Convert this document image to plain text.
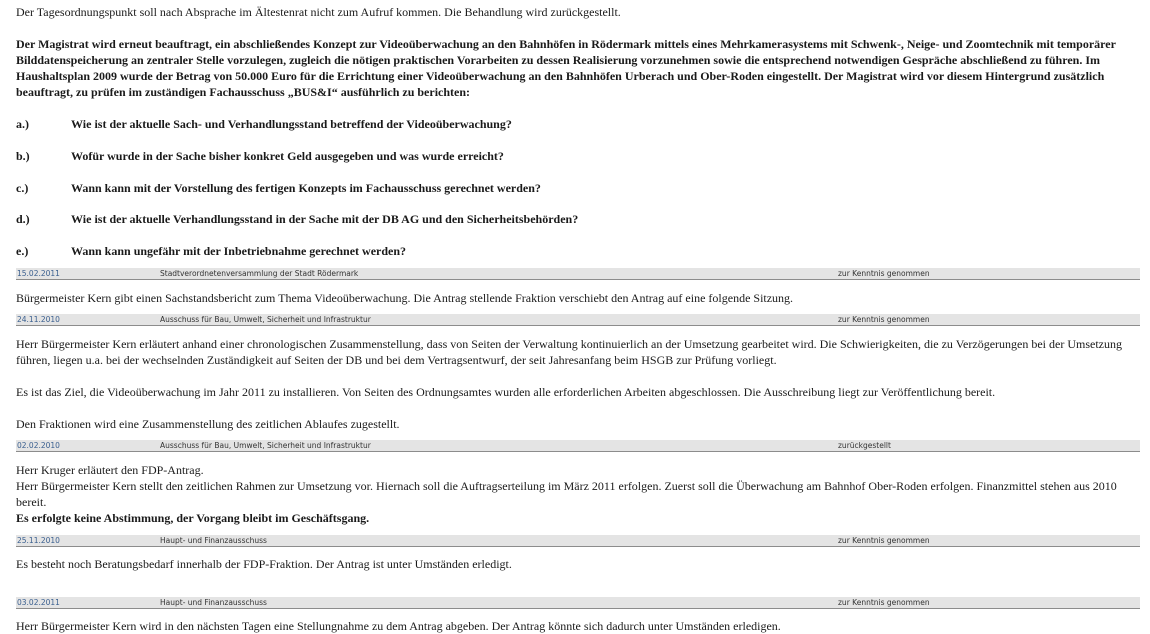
Der Tagesordnungspunkt soll nach Absprache im Ältestenrat nicht zum Aufruf kommen. Die Behandlung wird zurückgestellt.

Der Magistrat wird erneut beauftragt, ein abschließendes Konzept zur Videoüberwachung an den Bahnhöfen in Rödermark mittels eines Mehrkamerasystems mit Schwenk-, Neige- und Zoomtechnik mit temporärer Bilddatenspeicherung an zentraler Stelle vorzulegen, zugleich die nötigen praktischen Vorarbeiten zu dessen Realisierung vorzunehmen sowie die entsprechend notwendigen Gespräche abschließend zu führen. Im Haushaltsplan 2009 wurde der Betrag von 50.000 Euro für die Errichtung einer Videoüberwachung an den Bahnhöfen Urberach und Ober-Roden eingestellt. Der Magistrat wird vor diesem Hintergrund zusätzlich beauftragt, zu prüfen im zuständigen Fachausschuss „BUS&I“ ausführlich zu berichten:

a.)	Wie ist der aktuelle Sach- und Verhandlungsstand betreffend der Videoüberwachung?
b.)	Wofür wurde in der Sache bisher konkret Geld ausgegeben und was wurde erreicht?
c.)	Wann kann mit der Vorstellung des fertigen Konzepts im Fachausschuss gerechnet werden?
d.)	Wie ist der aktuelle Verhandlungsstand in der Sache mit der DB AG und den Sicherheitsbehörden?
e.)	Wann kann ungefähr mit der Inbetriebnahme gerechnet werden?
15.02.2011	Stadtverordnetenversammlung der Stadt Rödermark	zur Kenntnis genommen

Bürgermeister Kern gibt einen Sachstandsbericht zum Thema Videoüberwachung. Die Antrag stellende Fraktion verschiebt den Antrag auf eine folgende Sitzung.

24.11.2010	Ausschuss für Bau, Umwelt, Sicherheit und Infrastruktur	zur Kenntnis genommen

Herr Bürgermeister Kern erläutert anhand einer chronologischen Zusammenstellung, dass von Seiten der Verwaltung kontinuierlich an der Umsetzung gearbeitet wird. Die Schwierigkeiten, die zu Verzögerungen bei der Umsetzung führen, liegen u.a. bei der wechselnden Zuständigkeit auf Seiten der DB und bei dem Vertragsentwurf, der seit Jahresanfang beim HSGB zur Prüfung vorliegt.

Es ist das Ziel, die Videoüberwachung im Jahr 2011 zu installieren. Von Seiten des Ordnungsamtes wurden alle erforderlichen Arbeiten abgeschlossen. Die Ausschreibung liegt zur Veröffentlichung bereit.

Den Fraktionen wird eine Zusammenstellung des zeitlichen Ablaufes zugestellt.

02.02.2010	Ausschuss für Bau, Umwelt, Sicherheit und Infrastruktur	zurückgestellt

Herr Kruger erläutert den FDP-Antrag.

Herr Bürgermeister Kern stellt den zeitlichen Rahmen zur Umsetzung vor. Hiernach soll die Auftragserteilung im März 2011 erfolgen. Zuerst soll die Überwachung am Bahnhof Ober-Roden erfolgen. Finanzmittel stehen aus 2010 bereit.

Es erfolgte keine Abstimmung, der Vorgang bleibt im Geschäftsgang.

25.11.2010	Haupt- und Finanzausschuss	zur Kenntnis genommen

Es besteht noch Beratungsbedarf innerhalb der FDP-Fraktion. Der Antrag ist unter Umständen erledigt.

03.02.2011	Haupt- und Finanzausschuss	zur Kenntnis genommen

Herr Bürgermeister Kern wird in den nächsten Tagen eine Stellungnahme zu dem Antrag abgeben. Der Antrag könnte sich dadurch unter Umständen erledigen.
